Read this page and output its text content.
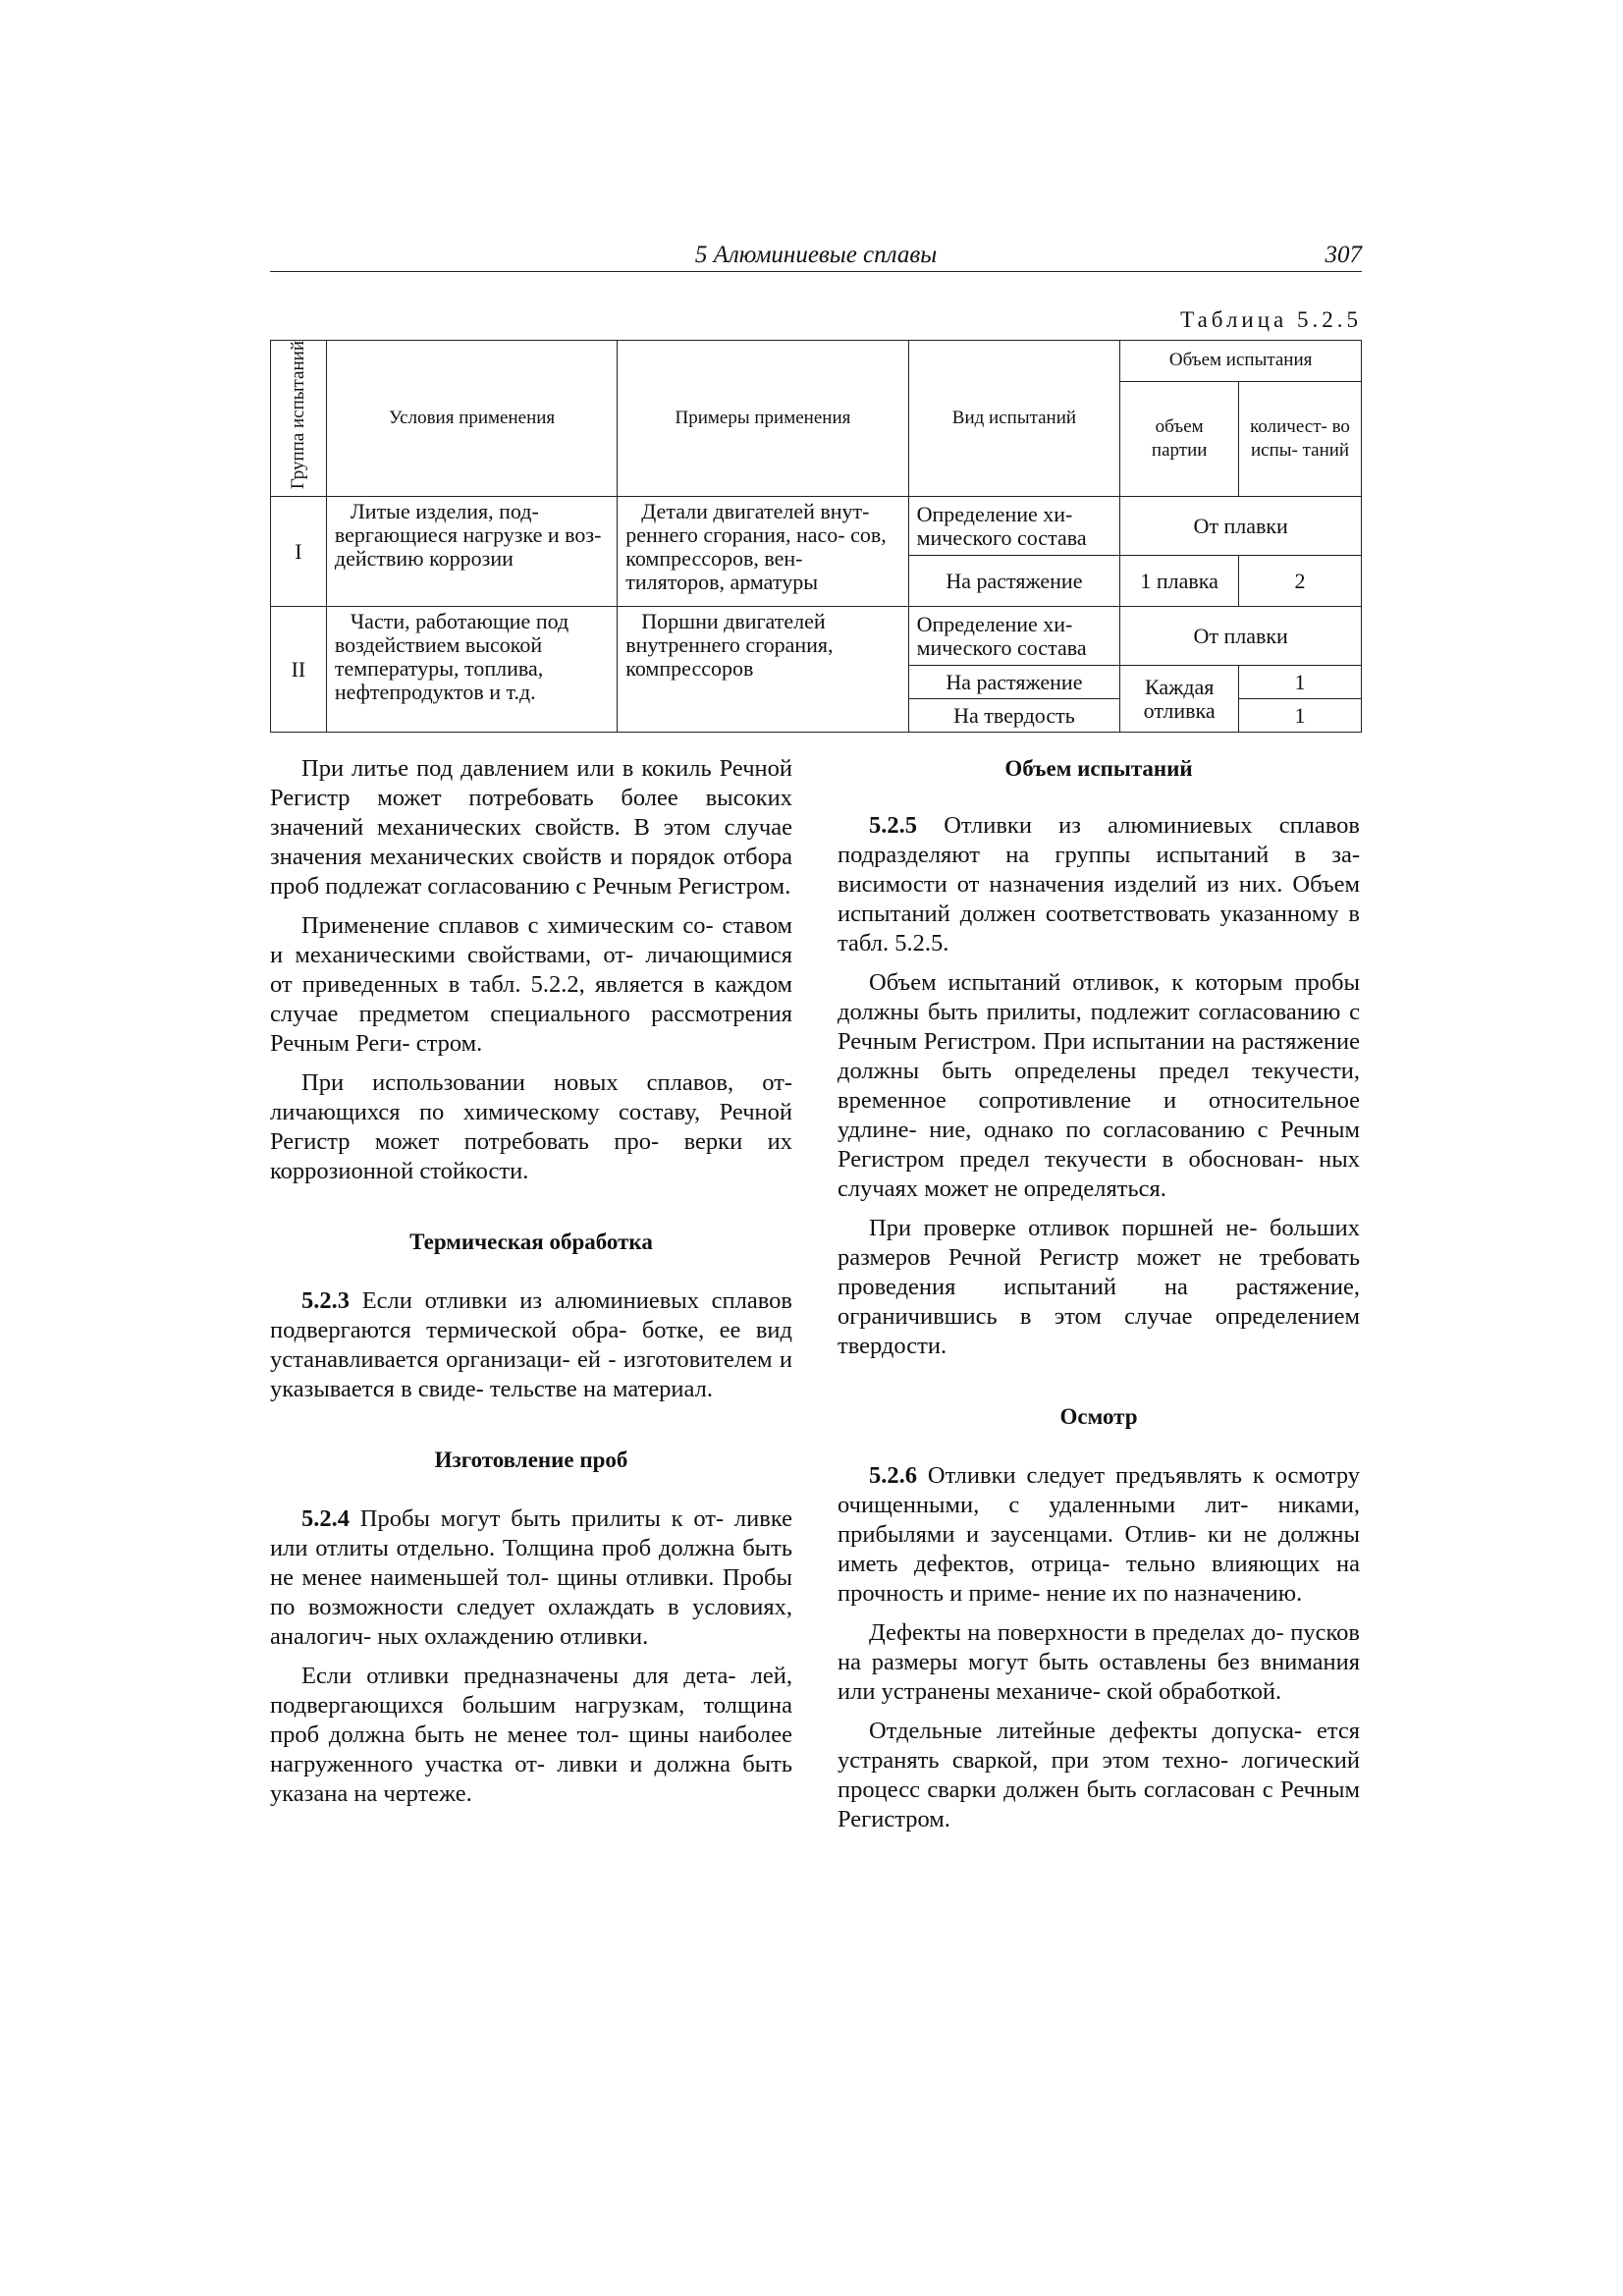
5 Алюминиевые сплавы	307
Таблица 5.2.5
Группа испытаний	Условия применения	Примеры применения	Вид испытаний	Объем испытания	
				объем партии	количест- во испы- таний
I	Литые изделия, под- вергающиеся нагрузке и воз- действию коррозии	Детали двигателей внут- реннего сгорания, насо- сов, компрессоров, вен- тиляторов, арматуры	Определение хи- мического состава	От плавки	
			На растяжение	1 плавка	2
II	Части, работающие под воздействием высокой температуры, топлива, нефтепродуктов и т.д.	Поршни двигателей внутреннего сгорания, компрессоров	Определение хи- мического состава	От плавки	
			На растяжение	Каждая отливка	1
			На твердость		1

При литье под давлением или в кокиль Речной Регистр может потребовать более высоких значений механических свойств. В этом случае значения механических свойств и порядок отбора проб подлежат согласованию с Речным Регистром.

Применение сплавов с химическим со- ставом и механическими свойствами, от- личающимися от приведенных в табл. 5.2.2, является в каждом случае предметом специального рассмотрения Речным Реги- стром.

При использовании новых сплавов, от- личающихся по химическому составу, Речной Регистр может потребовать про- верки их коррозионной стойкости.

Термическая обработка

5.2.3 Если отливки из алюминиевых сплавов подвергаются термической обра- ботке, ее вид устанавливается организаци- ей - изготовителем и указывается в свиде- тельстве на материал.

Изготовление проб

5.2.4 Пробы могут быть прилиты к от- ливке или отлиты отдельно. Толщина проб должна быть не менее наименьшей тол- щины отливки. Пробы по возможности следует охлаждать в условиях, аналогич- ных охлаждению отливки.

Если отливки предназначены для дета- лей, подвергающихся большим нагрузкам, толщина проб должна быть не менее тол- щины наиболее нагруженного участка от- ливки и должна быть указана на чертеже.

Объем испытаний

5.2.5 Отливки из алюминиевых сплавов подразделяют на группы испытаний в за- висимости от назначения изделий из них. Объем испытаний должен соответствовать указанному в табл. 5.2.5.

Объем испытаний отливок, к которым пробы должны быть прилиты, подлежит согласованию с Речным Регистром. При испытании на растяжение должны быть определены предел текучести, временное сопротивление и относительное удлине- ние, однако по согласованию с Речным Регистром предел текучести в обоснован- ных случаях может не определяться.

При проверке отливок поршней не- больших размеров Речной Регистр может не требовать проведения испытаний на растяжение, ограничившись в этом случае определением твердости.

Осмотр

5.2.6 Отливки следует предъявлять к осмотру очищенными, с удаленными лит- никами, прибылями и заусенцами. Отлив- ки не должны иметь дефектов, отрица- тельно влияющих на прочность и приме- нение их по назначению.

Дефекты на поверхности в пределах до- пусков на размеры могут быть оставлены без внимания или устранены механиче- ской обработкой.

Отдельные литейные дефекты допуска- ется устранять сваркой, при этом техно- логический процесс сварки должен быть согласован с Речным Регистром.
